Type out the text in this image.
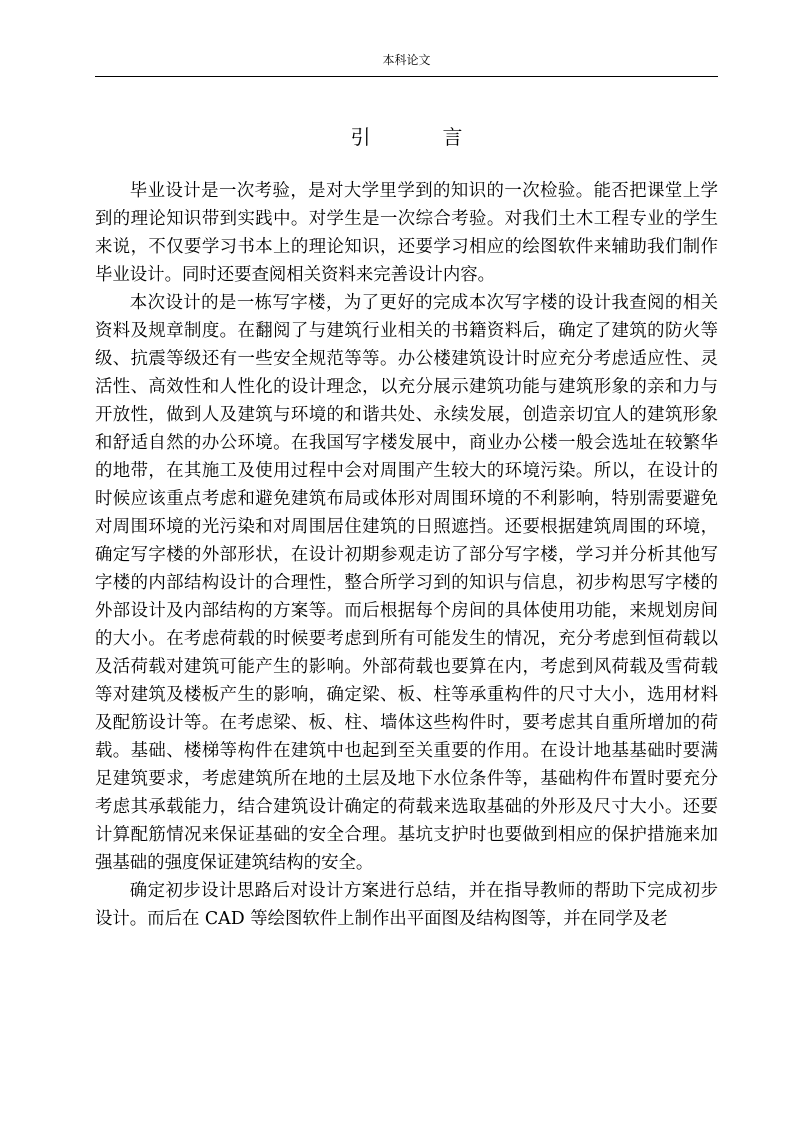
本科论文
引　言

毕业设计是一次考验，是对大学里学到的知识的一次检验。能否把课堂上学到的理论知识带到实践中。对学生是一次综合考验。对我们土木工程专业的学生来说，不仅要学习书本上的理论知识，还要学习相应的绘图软件来辅助我们制作毕业设计。同时还要查阅相关资料来完善设计内容。

本次设计的是一栋写字楼，为了更好的完成本次写字楼的设计我查阅的相关资料及规章制度。在翻阅了与建筑行业相关的书籍资料后，确定了建筑的防火等级、抗震等级还有一些安全规范等等。办公楼建筑设计时应充分考虑适应性、灵活性、高效性和人性化的设计理念，以充分展示建筑功能与建筑形象的亲和力与开放性，做到人及建筑与环境的和谐共处、永续发展，创造亲切宜人的建筑形象和舒适自然的办公环境。在我国写字楼发展中，商业办公楼一般会选址在较繁华的地带，在其施工及使用过程中会对周围产生较大的环境污染。所以，在设计的时候应该重点考虑和避免建筑布局或体形对周围环境的不利影响，特别需要避免对周围环境的光污染和对周围居住建筑的日照遮挡。还要根据建筑周围的环境，确定写字楼的外部形状，在设计初期参观走访了部分写字楼，学习并分析其他写字楼的内部结构设计的合理性，整合所学习到的知识与信息，初步构思写字楼的外部设计及内部结构的方案等。而后根据每个房间的具体使用功能，来规划房间的大小。在考虑荷载的时候要考虑到所有可能发生的情况，充分考虑到恒荷载以及活荷载对建筑可能产生的影响。外部荷载也要算在内，考虑到风荷载及雪荷载等对建筑及楼板产生的影响，确定梁、板、柱等承重构件的尺寸大小，选用材料及配筋设计等。在考虑梁、板、柱、墙体这些构件时，要考虑其自重所增加的荷载。基础、楼梯等构件在建筑中也起到至关重要的作用。在设计地基基础时要满足建筑要求，考虑建筑所在地的土层及地下水位条件等，基础构件布置时要充分考虑其承载能力，结合建筑设计确定的荷载来选取基础的外形及尺寸大小。还要计算配筋情况来保证基础的安全合理。基坑支护时也要做到相应的保护措施来加强基础的强度保证建筑结构的安全。

确定初步设计思路后对设计方案进行总结，并在指导教师的帮助下完成初步设计。而后在 CAD 等绘图软件上制作出平面图及结构图等，并在同学及老
